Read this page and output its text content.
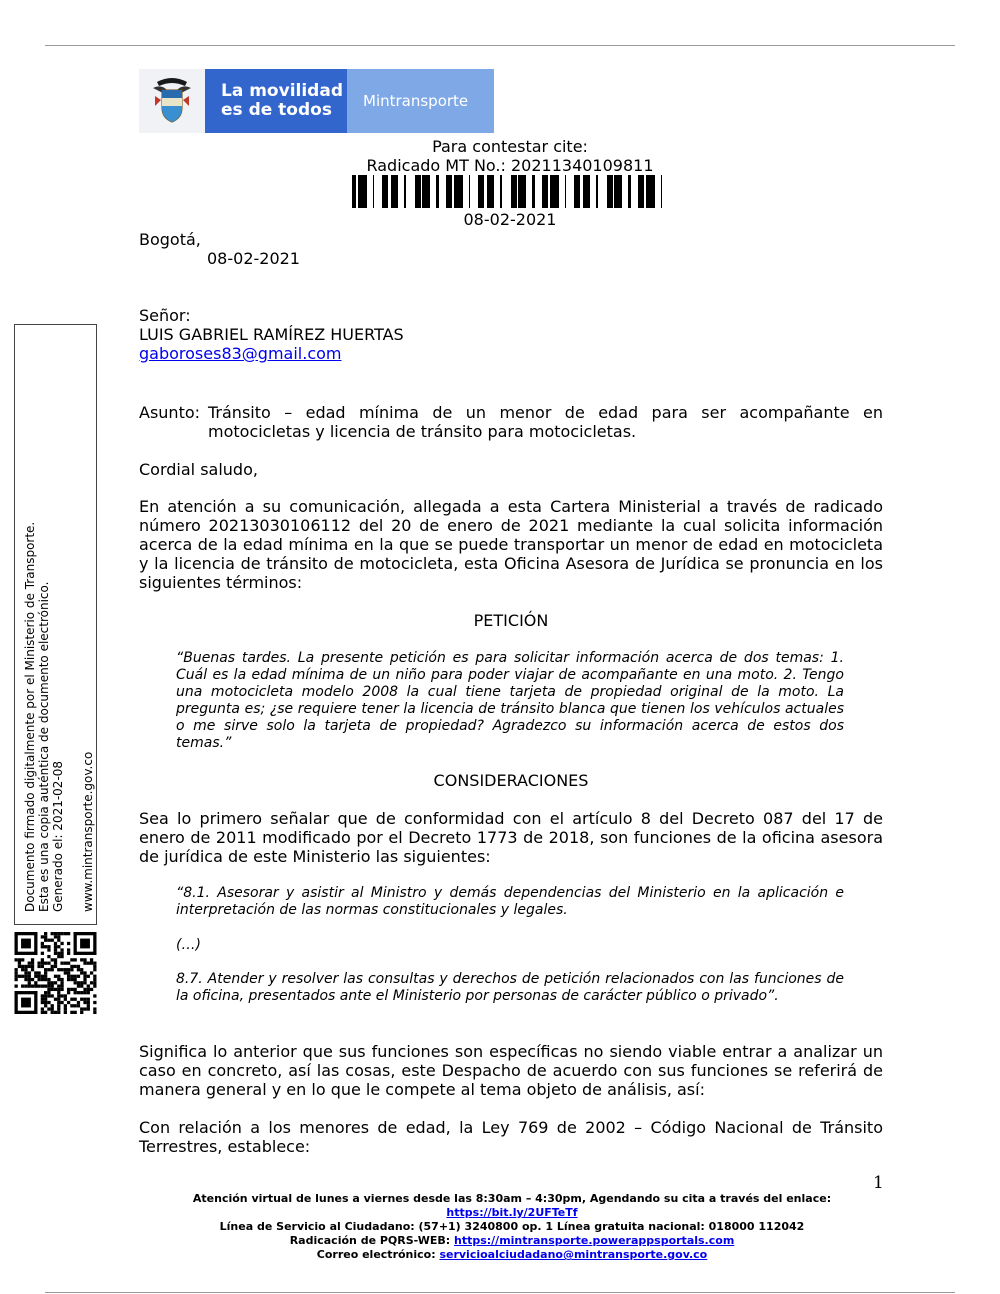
La movilidad
es de todos	Mintransporte
Para contestar cite:
Radicado MT No.: 20211340109811
08-02-2021
Bogotá,
08-02-2021
Señor:
LUIS GABRIEL RAMÍREZ HUERTAS
gaboroses83@gmail.com
Asunto: Tránsito – edad mínima de un menor de edad para ser acompañante en motocicletas y licencia de tránsito para motocicletas.
Cordial saludo,
En atención a su comunicación, allegada a esta Cartera Ministerial a través de radicado número 20213030106112 del 20 de enero de 2021 mediante la cual solicita información acerca de la edad mínima en la que se puede transportar un menor de edad en motocicleta y la licencia de tránsito de motocicleta, esta Oficina Asesora de Jurídica se pronuncia en los siguientes términos:
PETICIÓN
“Buenas tardes. La presente petición es para solicitar información acerca de dos temas: 1. Cuál es la edad mínima de un niño para poder viajar de acompañante en una moto. 2. Tengo una motocicleta modelo 2008 la cual tiene tarjeta de propiedad original de la moto. La pregunta es; ¿se requiere tener la licencia de tránsito blanca que tienen los vehículos actuales o me sirve solo la tarjeta de propiedad? Agradezco su información acerca de estos dos temas.”
CONSIDERACIONES
Sea lo primero señalar que de conformidad con el artículo 8 del Decreto 087 del 17 de enero de 2011 modificado por el Decreto 1773 de 2018, son funciones de la oficina asesora de jurídica de este Ministerio las siguientes:
“8.1. Asesorar y asistir al Ministro y demás dependencias del Ministerio en la aplicación e interpretación de las normas constitucionales y legales.
(…)
8.7. Atender y resolver las consultas y derechos de petición relacionados con las funciones de la oficina, presentados ante el Ministerio por personas de carácter público o privado”.
Significa lo anterior que sus funciones son específicas no siendo viable entrar a analizar un caso en concreto, así las cosas, este Despacho de acuerdo con sus funciones se referirá de manera general y en lo que le compete al tema objeto de análisis, así:
Con relación a los menores de edad, la Ley 769 de 2002 – Código Nacional de Tránsito Terrestres, establece:
Documento firmado digitalmente por el Ministerio de Transporte. Esta es una copia auténtica de documento electrónico. Generado el: 2021-02-08 www.mintransporte.gov.co
1
Atención virtual de lunes a viernes desde las 8:30am – 4:30pm, Agendando su cita a través del enlace:
https://bit.ly/2UFTeTf
Línea de Servicio al Ciudadano: (57+1) 3240800 op. 1 Línea gratuita nacional: 018000 112042
Radicación de PQRS-WEB: https://mintransporte.powerappsportals.com
Correo electrónico: servicioalciudadano@mintransporte.gov.co
